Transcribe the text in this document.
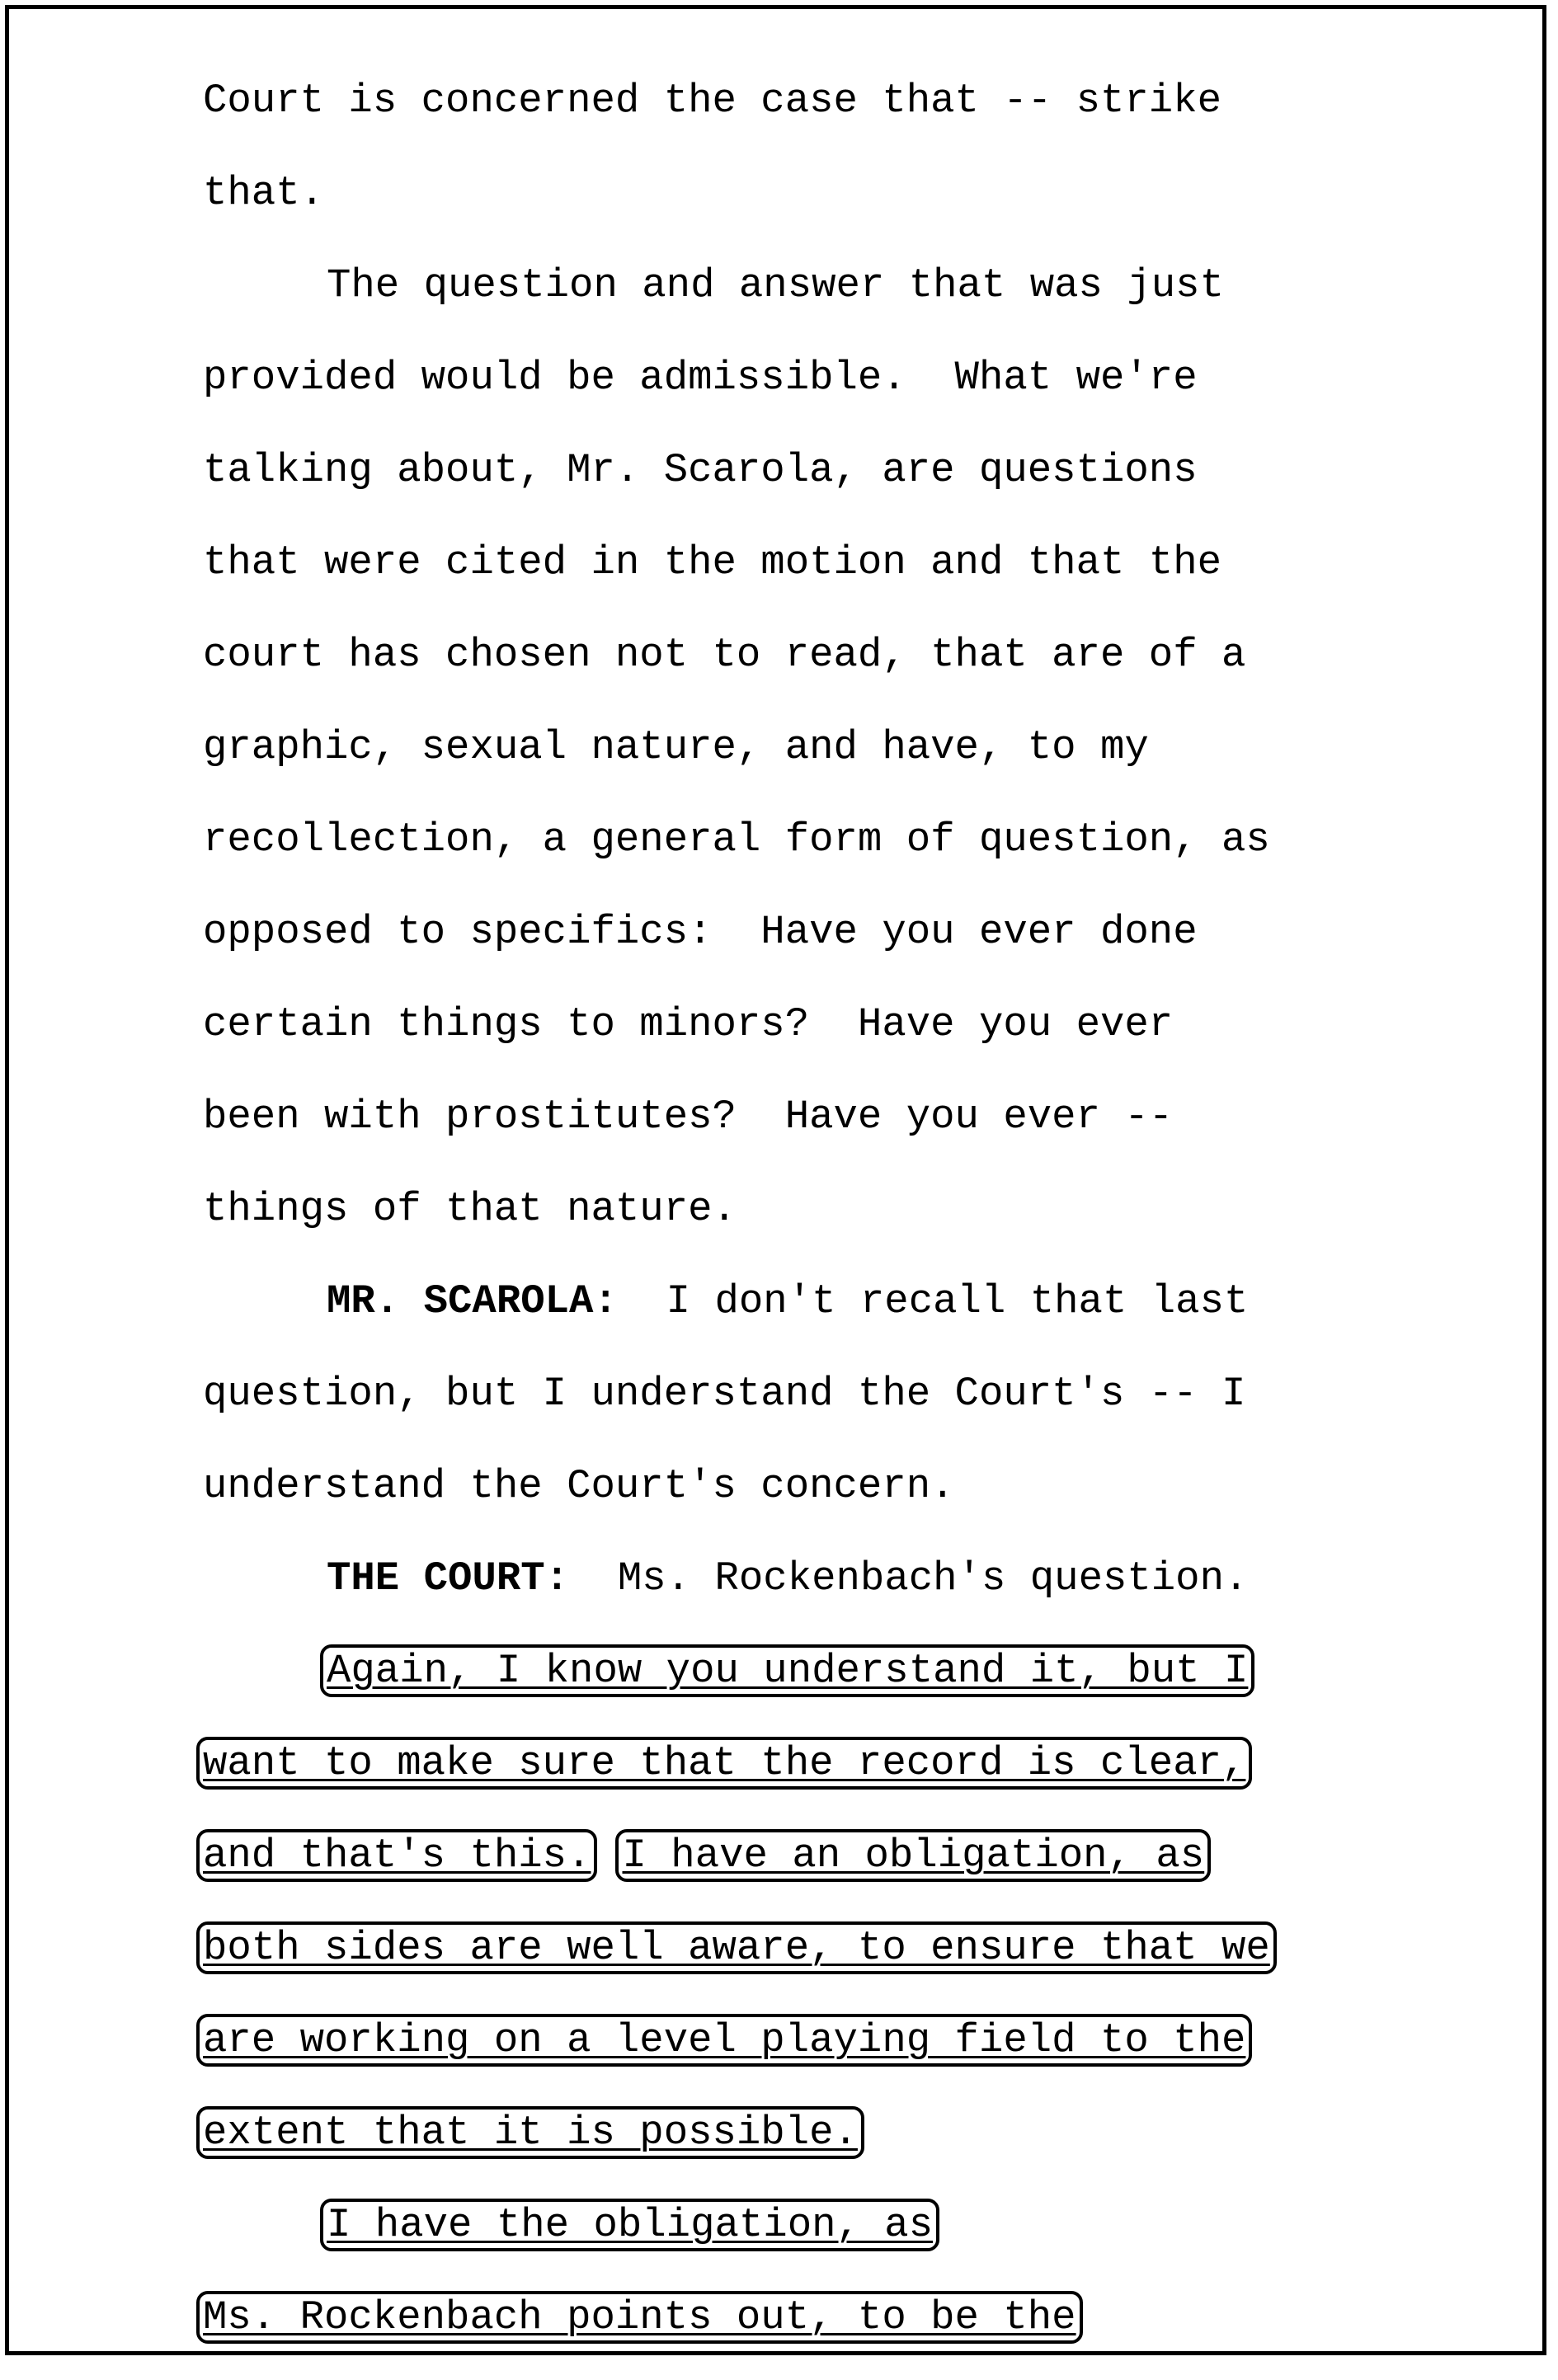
Court is concerned the case that -- strike
that.
The question and answer that was just
provided would be admissible.  What we're
talking about, Mr. Scarola, are questions
that were cited in the motion and that the
court has chosen not to read, that are of a
graphic, sexual nature, and have, to my
recollection, a general form of question, as
opposed to specifics:  Have you ever done
certain things to minors?  Have you ever
been with prostitutes?  Have you ever --
things of that nature.
MR. SCAROLA:  I don't recall that last
question, but I understand the Court's -- I
understand the Court's concern.
THE COURT:  Ms. Rockenbach's question.
Again, I know you understand it, but I
want to make sure that the record is clear,
and that's this. I have an obligation, as
both sides are well aware, to ensure that we
are working on a level playing field to the
extent that it is possible.
I have the obligation, as
Ms. Rockenbach points out, to be the
